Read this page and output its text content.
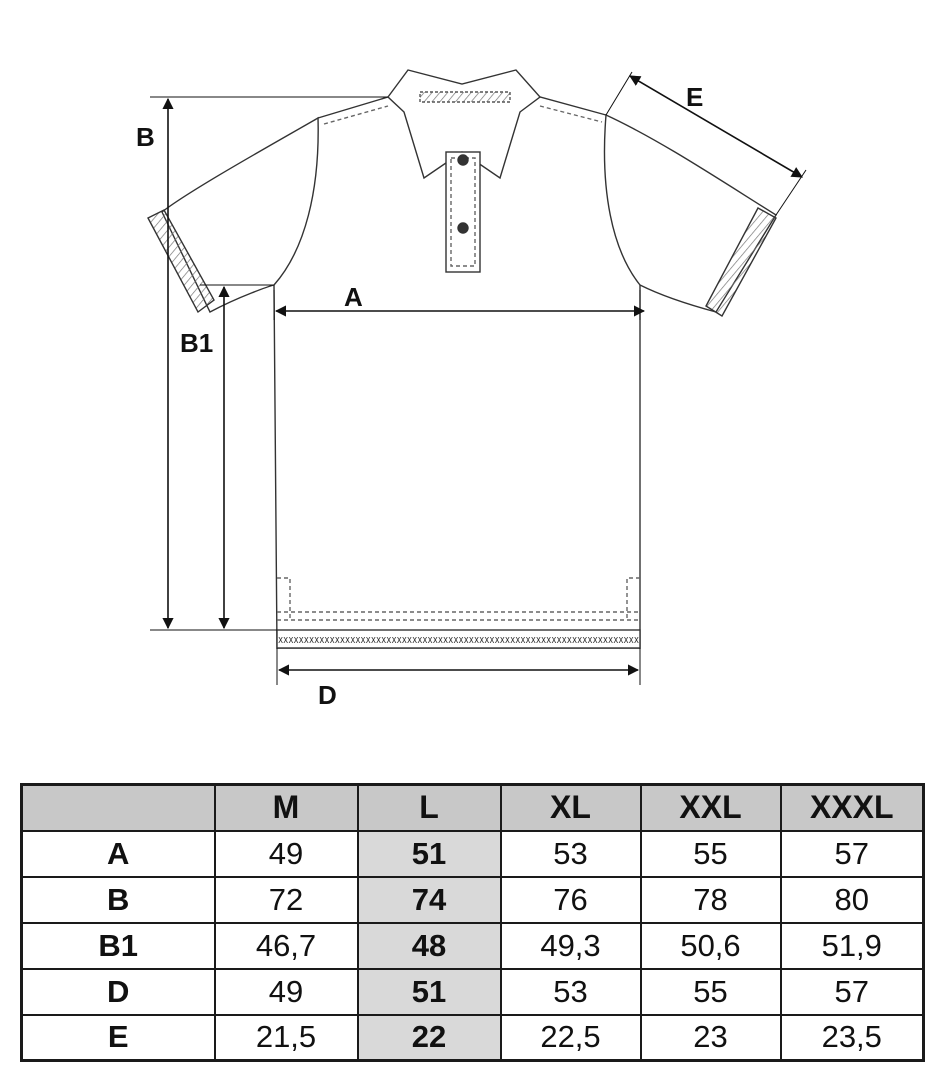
xxxxxxxxxxxxxxxxxxxxxxxxxxxxxxxxxxxxxxxxxxxxxxxxxxxxxxxxxxxxxxxxxxxxxx
B
B1
A
D
E
	M	L	XL	XXL	XXXL
A	49	51	53	55	57
B	72	74	76	78	80
B1	46,7	48	49,3	50,6	51,9
D	49	51	53	55	57
E	21,5	22	22,5	23	23,5
